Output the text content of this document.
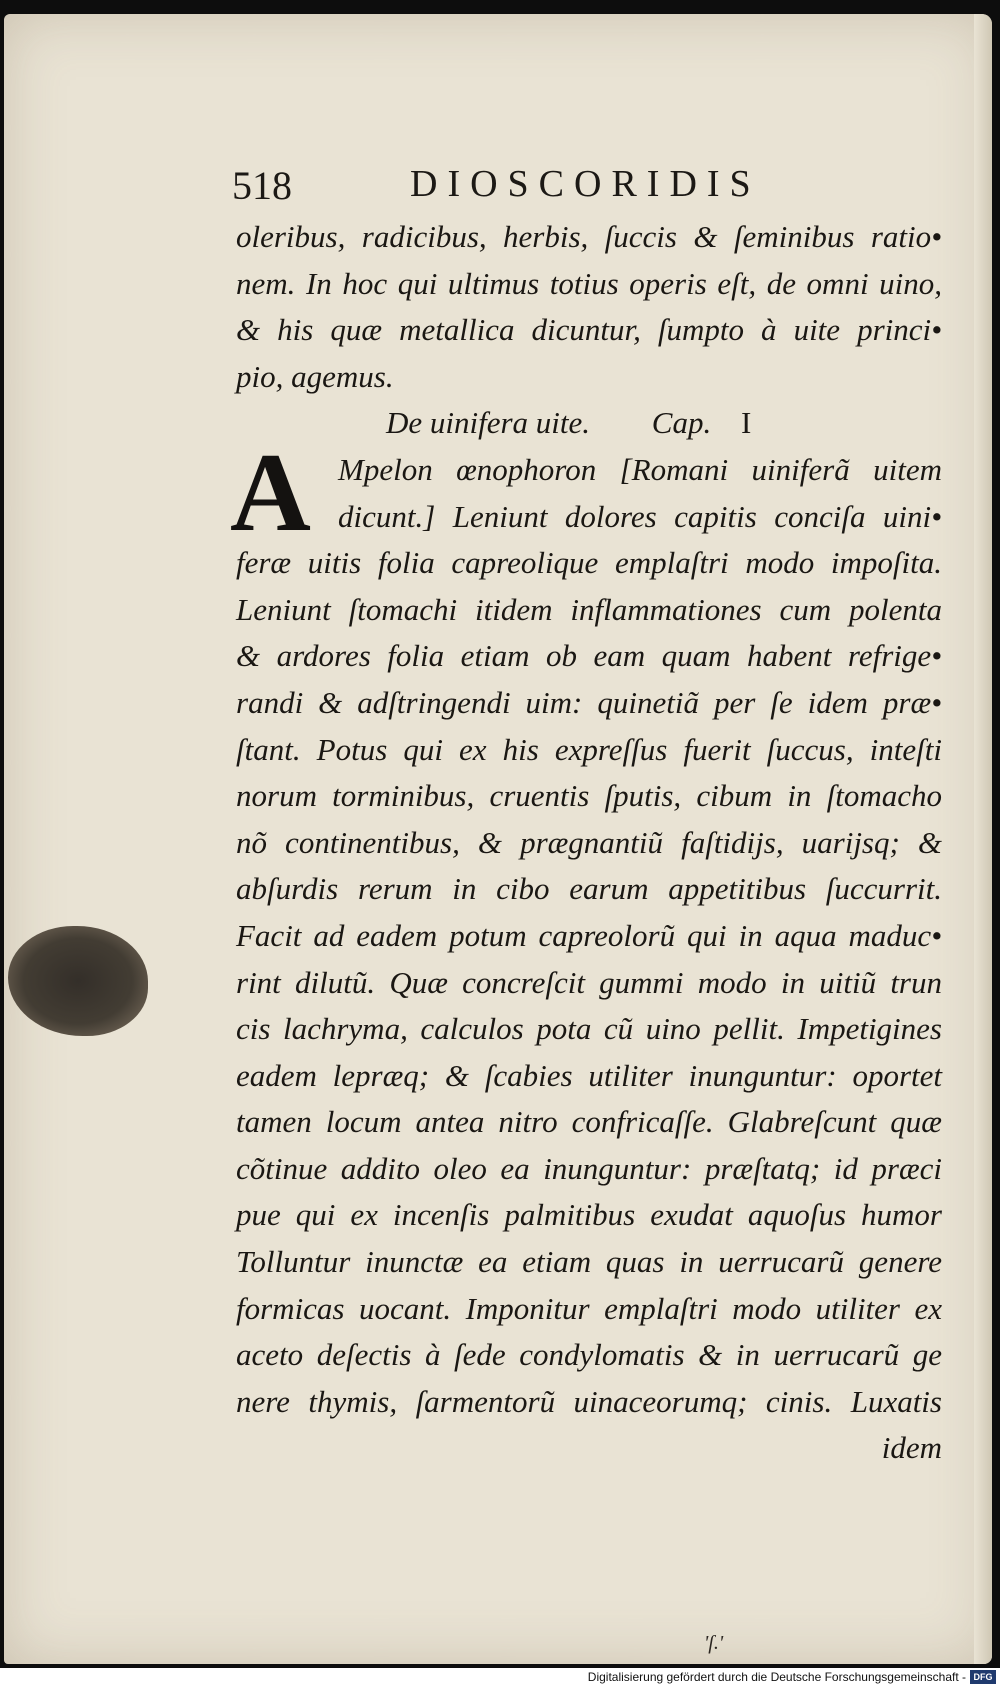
518	DIOSCORIDIS
oleribus, radicibus, herbis, ſuccis & ſeminibus ratio•
nem. In hoc qui ultimus totius operis eſt, de omni uino,
& his quæ metallica dicuntur, ſumpto à uite princi•
pio, agemus.
De uinifera uite. Cap. I
A Mpelon œnophoron [Romani uiniferã uitem
dicunt.] Leniunt dolores capitis conciſa uini•
feræ uitis folia capreolique emplaſtri modo impoſita.
Leniunt ſtomachi itidem inflammationes cum polenta
& ardores folia etiam ob eam quam habent refrige•
randi & adſtringendi uim: quinetiã per ſe idem præ•
ſtant. Potus qui ex his expreſſus fuerit ſuccus, inteſti
norum torminibus, cruentis ſputis, cibum in ſtomacho
nõ continentibus, & prægnantiũ faſtidijs, uarijsq; &
abſurdis rerum in cibo earum appetitibus ſuccurrit.
Facit ad eadem potum capreolorũ qui in aqua maduc•
rint dilutũ. Quæ concreſcit gummi modo in uitiũ trun
cis lachryma, calculos pota cũ uino pellit. Impetigines
eadem lepræq; & ſcabies utiliter inunguntur: oportet
tamen locum antea nitro confricaſſe. Glabreſcunt quæ
cõtinue addito oleo ea inunguntur: præſtatq; id præci
pue qui ex incenſis palmitibus exudat aquoſus humor
Tolluntur inunctæ ea etiam quas in uerrucarũ genere
formicas uocant. Imponitur emplaſtri modo utiliter ex
aceto deſectis à ſede condylomatis & in uerrucarũ ge
nere thymis, ſarmentorũ uinaceorumq; cinis. Luxatis
idem
'ſ.'
Digitalisierung gefördert durch die Deutsche Forschungsgemeinschaft - DFG
